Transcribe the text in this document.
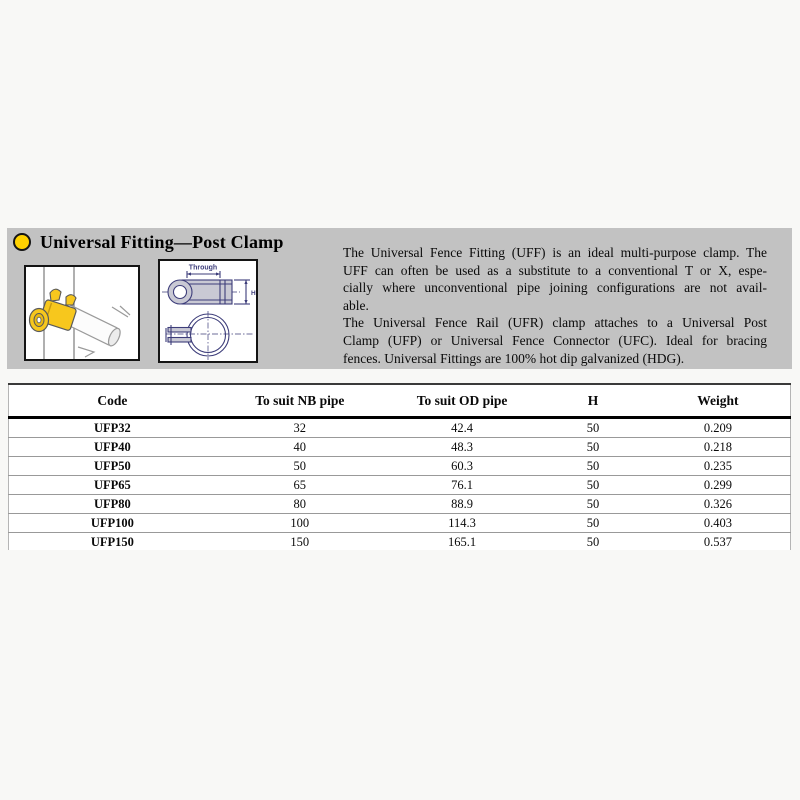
Universal Fitting—Post Clamp
Through
H

The Universal Fence Fitting (UFF) is an ideal multi-purpose clamp. The
UFF can often be used as a substitute to a conventional T or X, espe-
cially where unconventional pipe joining configurations are not avail-
able.

The Universal Fence Rail (UFR) clamp attaches to a Universal Post
Clamp (UFP) or Universal Fence Connector (UFC). Ideal for bracing
fences. Universal Fittings are 100% hot dip galvanized (HDG).

Code	To suit NB pipe	To suit OD pipe	H	Weight
UFP32	32	42.4	50	0.209
UFP40	40	48.3	50	0.218
UFP50	50	60.3	50	0.235
UFP65	65	76.1	50	0.299
UFP80	80	88.9	50	0.326
UFP100	100	114.3	50	0.403
UFP150	150	165.1	50	0.537
